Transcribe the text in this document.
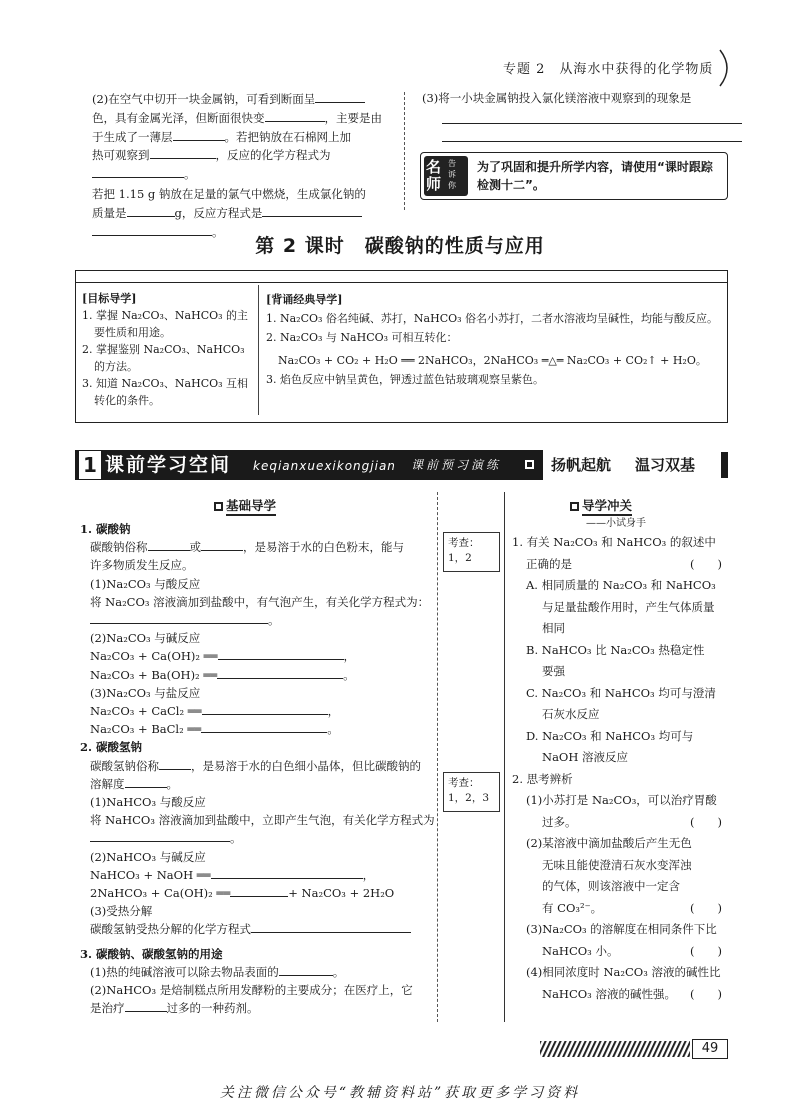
专题 2　从海水中获得的化学物质
(2)在空气中切开一块金属钠，可看到断面呈
色，具有金属光泽，但断面很快变	，主要是由
于生成了一薄层	。若把钠放在石棉网上加
热可观察到	，反应的化学方程式为
。
若把 1.15 g 钠放在足量的氯气中燃烧，生成氯化钠的
质量是	g，反应方程式是
。
(3)将一小块金属钠投入氯化镁溶液中观察到的现象是
名师
告诉你
为了巩固和提升所学内容，请使用“课时跟踪检测十二”。
第 2 课时　碳酸钠的性质与应用
[目标导学]
1. 掌握 Na₂CO₃、NaHCO₃ 的主要性质和用途。
2. 掌握鉴别 Na₂CO₃、NaHCO₃ 的方法。
3. 知道 Na₂CO₃、NaHCO₃ 互相转化的条件。
[背诵经典导学]
1. Na₂CO₃ 俗名纯碱、苏打，NaHCO₃ 俗名小苏打，二者水溶液均呈碱性，均能与酸反应。
2. Na₂CO₃ 与 NaHCO₃ 可相互转化：
Na₂CO₃ + CO₂ + H₂O ══ 2NaHCO₃，2NaHCO₃ ═△═ Na₂CO₃ + CO₂↑ + H₂O。
3. 焰色反应中钠呈黄色，钾透过蓝色钴玻璃观察呈紫色。
1 课前学习空间 keqianxuexikongjian 课前预习演练	扬帆起航 温习双基
基础导学
1. 碳酸钠
碳酸钠俗称	或	，是易溶于水的白色粉末，能与
许多物质发生反应。
(1)Na₂CO₃ 与酸反应
将 Na₂CO₃ 溶液滴加到盐酸中，有气泡产生，有关化学方程式为：
。
(2)Na₂CO₃ 与碱反应
Na₂CO₃ + Ca(OH)₂ ══	，
Na₂CO₃ + Ba(OH)₂ ══	。
(3)Na₂CO₃ 与盐反应
Na₂CO₃ + CaCl₂ ══	，
Na₂CO₃ + BaCl₂ ══	。
2. 碳酸氢钠
碳酸氢钠俗称	，是易溶于水的白色细小晶体，但比碳酸钠的
溶解度	。
(1)NaHCO₃ 与酸反应
将 NaHCO₃ 溶液滴加到盐酸中，立即产生气泡，有关化学方程式为
。
(2)NaHCO₃ 与碱反应
NaHCO₃ + NaOH ══	，
2NaHCO₃ + Ca(OH)₂ ══	+ Na₂CO₃ + 2H₂O
(3)受热分解
碳酸氢钠受热分解的化学方程式
3. 碳酸钠、碳酸氢钠的用途
(1)热的纯碱溶液可以除去物品表面的	。
(2)NaHCO₃ 是焙制糕点所用发酵粉的主要成分；在医疗上，它
是治疗	过多的一种药剂。
考查：
1，2
考查：
1，2，3
导学冲关
——小试身手
1. 有关 Na₂CO₃ 和 NaHCO₃ 的叙述中
正确的是	(　　)
A. 相同质量的 Na₂CO₃ 和 NaHCO₃
与足量盐酸作用时，产生气体质量
相同
B. NaHCO₃ 比 Na₂CO₃ 热稳定性
要强
C. Na₂CO₃ 和 NaHCO₃ 均可与澄清
石灰水反应
D. Na₂CO₃ 和 NaHCO₃ 均可与
NaOH 溶液反应
2. 思考辨析
(1)小苏打是 Na₂CO₃，可以治疗胃酸
过多。	(　　)
(2)某溶液中滴加盐酸后产生无色
无味且能使澄清石灰水变浑浊
的气体，则该溶液中一定含
有 CO₃²⁻。	(　　)
(3)Na₂CO₃ 的溶解度在相同条件下比
NaHCO₃ 小。	(　　)
(4)相同浓度时 Na₂CO₃ 溶液的碱性比
NaHCO₃ 溶液的碱性强。 (　　)
49
关注微信公众号“教辅资料站”获取更多学习资料
